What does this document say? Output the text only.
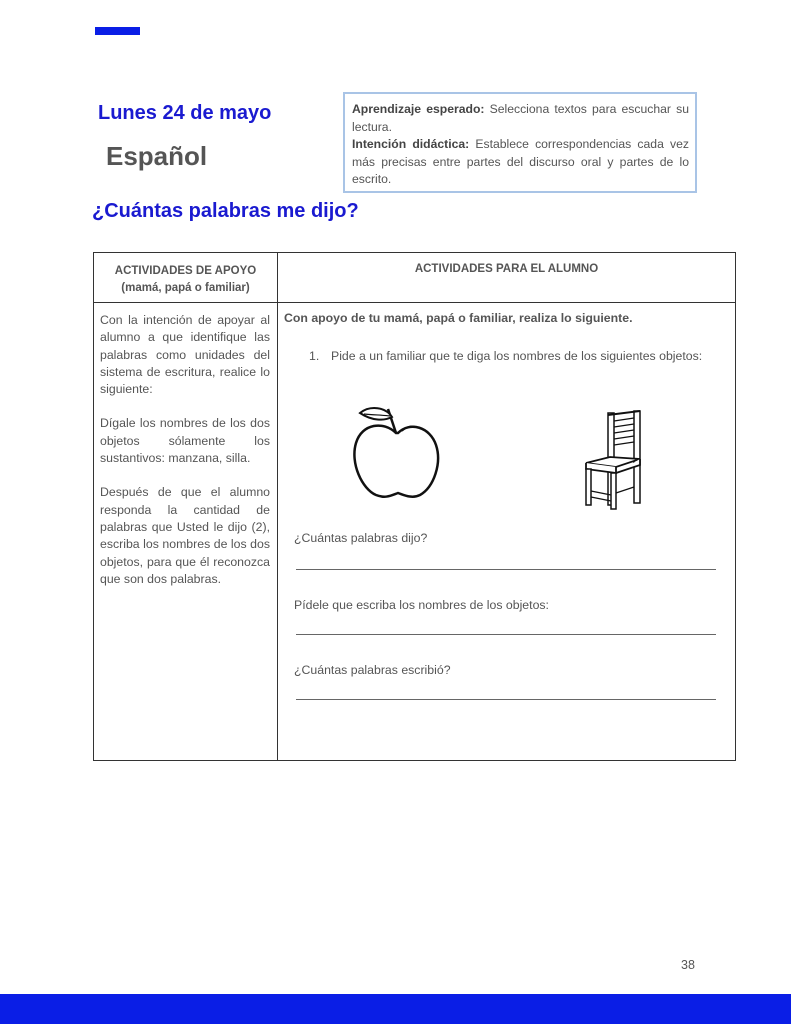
Lunes 24 de mayo
Español

Aprendizaje esperado: Selecciona textos para escuchar su lectura.

Intención didáctica: Establece correspondencias cada vez más precisas entre partes del discurso oral y partes de lo escrito.

¿Cuántas palabras me dijo?
ACTIVIDADES DE APOYO
(mamá, papá o familiar)
ACTIVIDADES PARA EL ALUMNO

Con la intención de apoyar al alumno a que identifique las palabras como unidades del sistema de escritura, realice lo siguiente:

Dígale los nombres de los dos objetos sólamente los sustantivos: manzana, silla.

Después de que el alumno responda la cantidad de palabras que Usted le dijo (2), escriba los nombres de los dos objetos, para que él reconozca que son dos palabras.

Con apoyo de tu mamá, papá o familiar, realiza lo siguiente.

1. Pide a un familiar que te diga los nombres de los siguientes objetos:
¿Cuántas palabras dijo?
Pídele que escriba los nombres de los objetos:
¿Cuántas palabras escribió?
38
